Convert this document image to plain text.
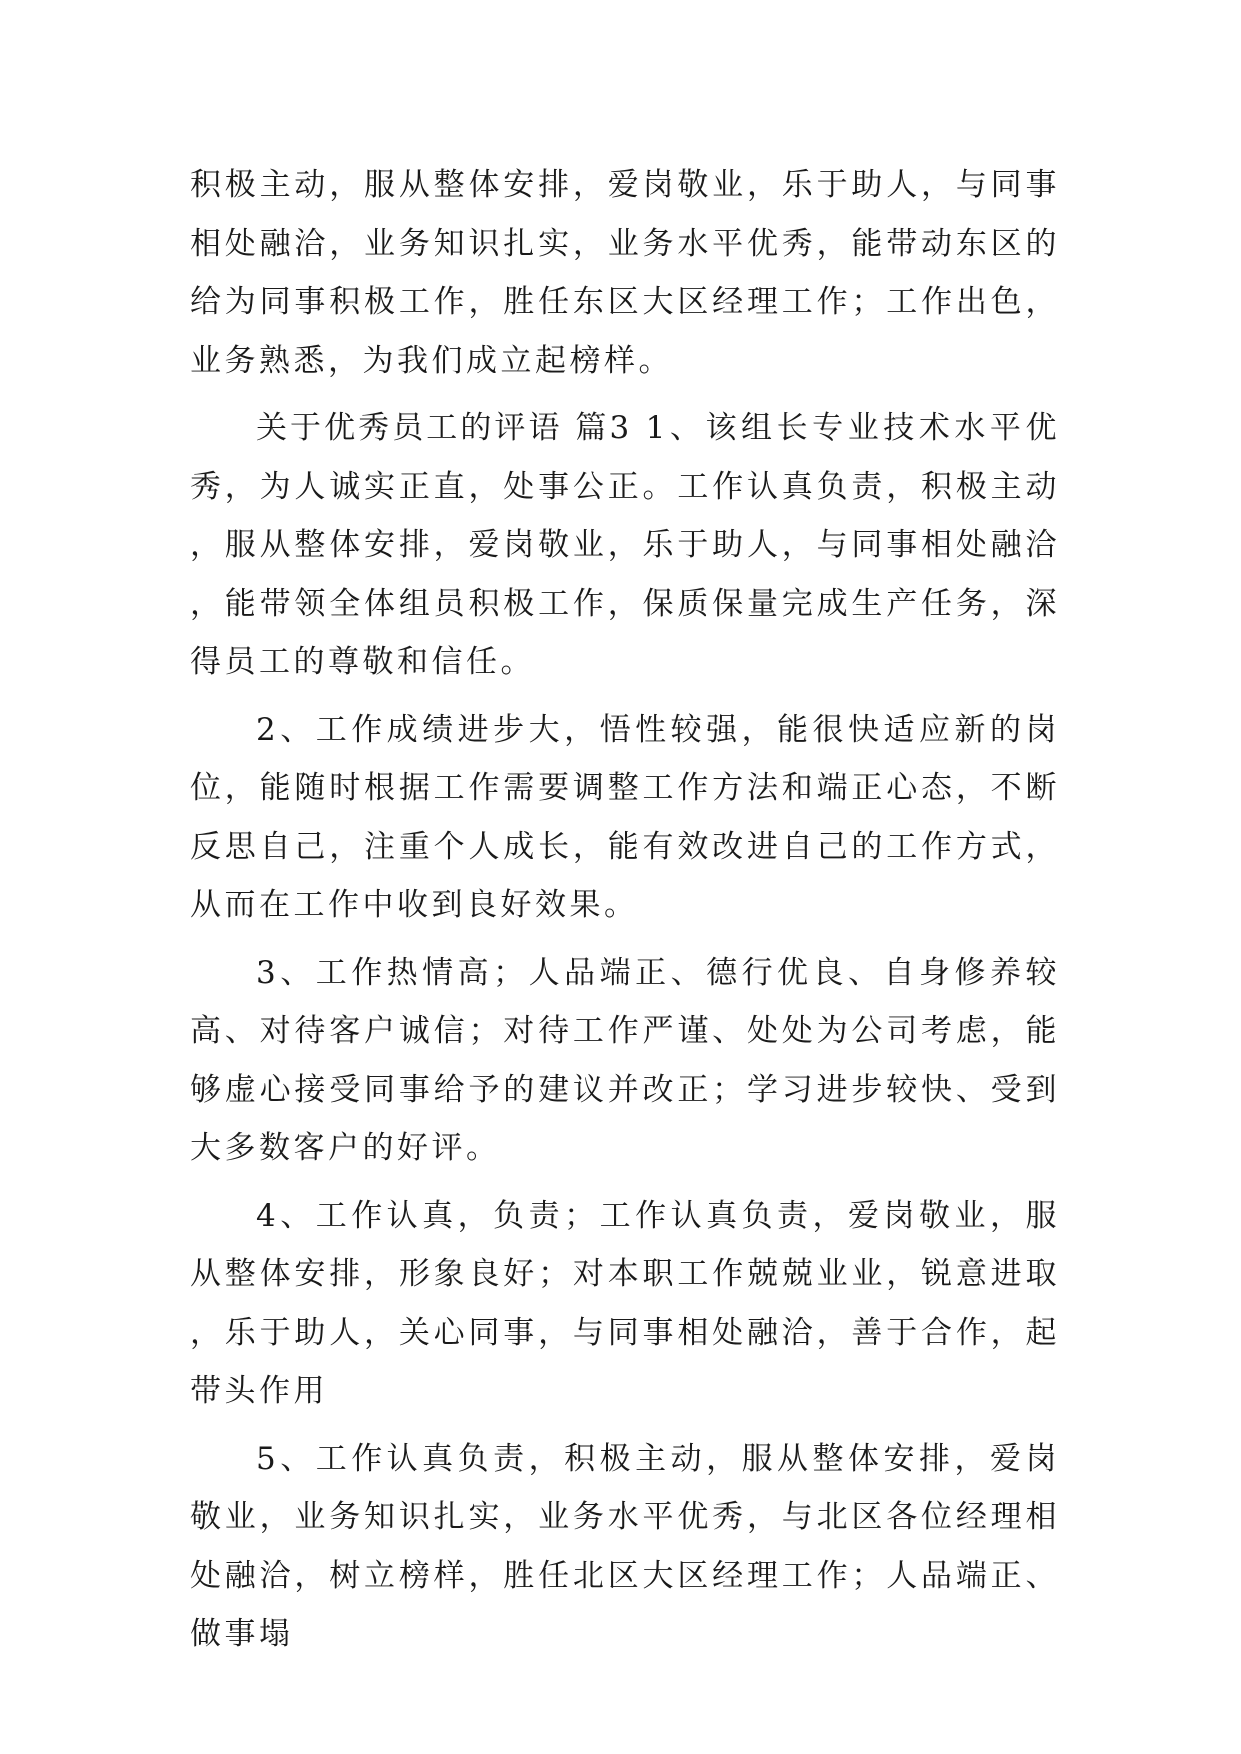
积极主动，服从整体安排，爱岗敬业，乐于助人，与同事相处融洽，业务知识扎实，业务水平优秀，能带动东区的给为同事积极工作，胜任东区大区经理工作；工作出色，业务熟悉，为我们成立起榜样。

关于优秀员工的评语 篇3 1、该组长专业技术水平优秀，为人诚实正直，处事公正。工作认真负责，积极主动，服从整体安排，爱岗敬业，乐于助人，与同事相处融洽，能带领全体组员积极工作，保质保量完成生产任务，深得员工的尊敬和信任。

2、工作成绩进步大，悟性较强，能很快适应新的岗位，能随时根据工作需要调整工作方法和端正心态，不断反思自己，注重个人成长，能有效改进自己的工作方式，从而在工作中收到良好效果。

3、工作热情高；人品端正、德行优良、自身修养较高、对待客户诚信；对待工作严谨、处处为公司考虑，能够虚心接受同事给予的建议并改正；学习进步较快、受到大多数客户的好评。

4、工作认真，负责；工作认真负责，爱岗敬业，服从整体安排，形象良好；对本职工作兢兢业业，锐意进取，乐于助人，关心同事，与同事相处融洽，善于合作，起带头作用

5、工作认真负责，积极主动，服从整体安排，爱岗敬业，业务知识扎实，业务水平优秀，与北区各位经理相处融洽，树立榜样，胜任北区大区经理工作；人品端正、做事塌
